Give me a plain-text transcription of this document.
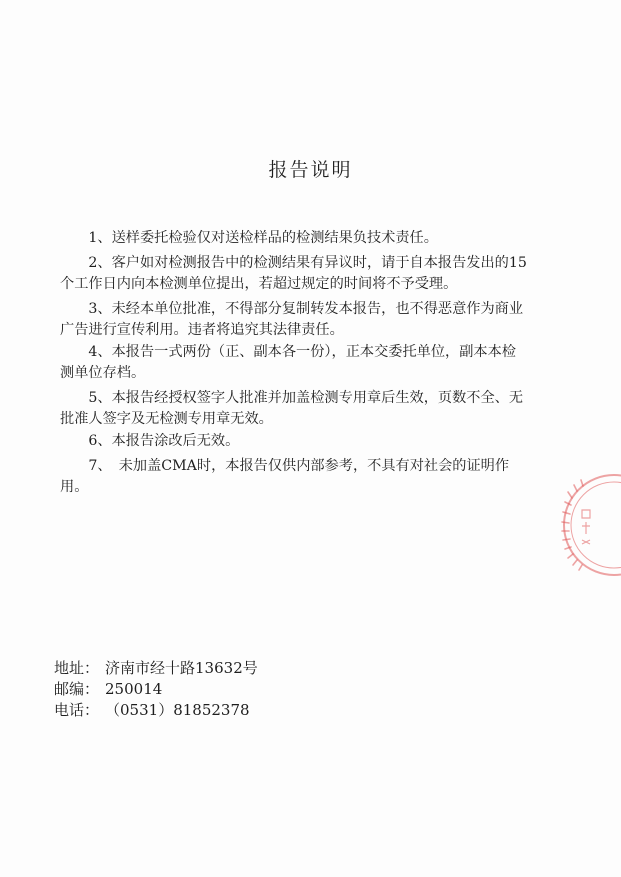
报告说明

1、送样委托检验仅对送检样品的检测结果负技术责任。

2、客户如对检测报告中的检测结果有异议时，请于自本报告发出的15个工作日内向本检测单位提出，若超过规定的时间将不予受理。

3、未经本单位批准，不得部分复制转发本报告，也不得恶意作为商业广告进行宣传利用。违者将追究其法律责任。

4、本报告一式两份（正、副本各一份），正本交委托单位，副本本检测单位存档。

5、本报告经授权签字人批准并加盖检测专用章后生效，页数不全、无批准人签字及无检测专用章无效。

6、本报告涂改后无效。

7、　未加盖CMA时，本报告仅供内部参考，不具有对社会的证明作用。

地址： 济南市经十路13632号
邮编： 250014
电话： （0531）81852378
